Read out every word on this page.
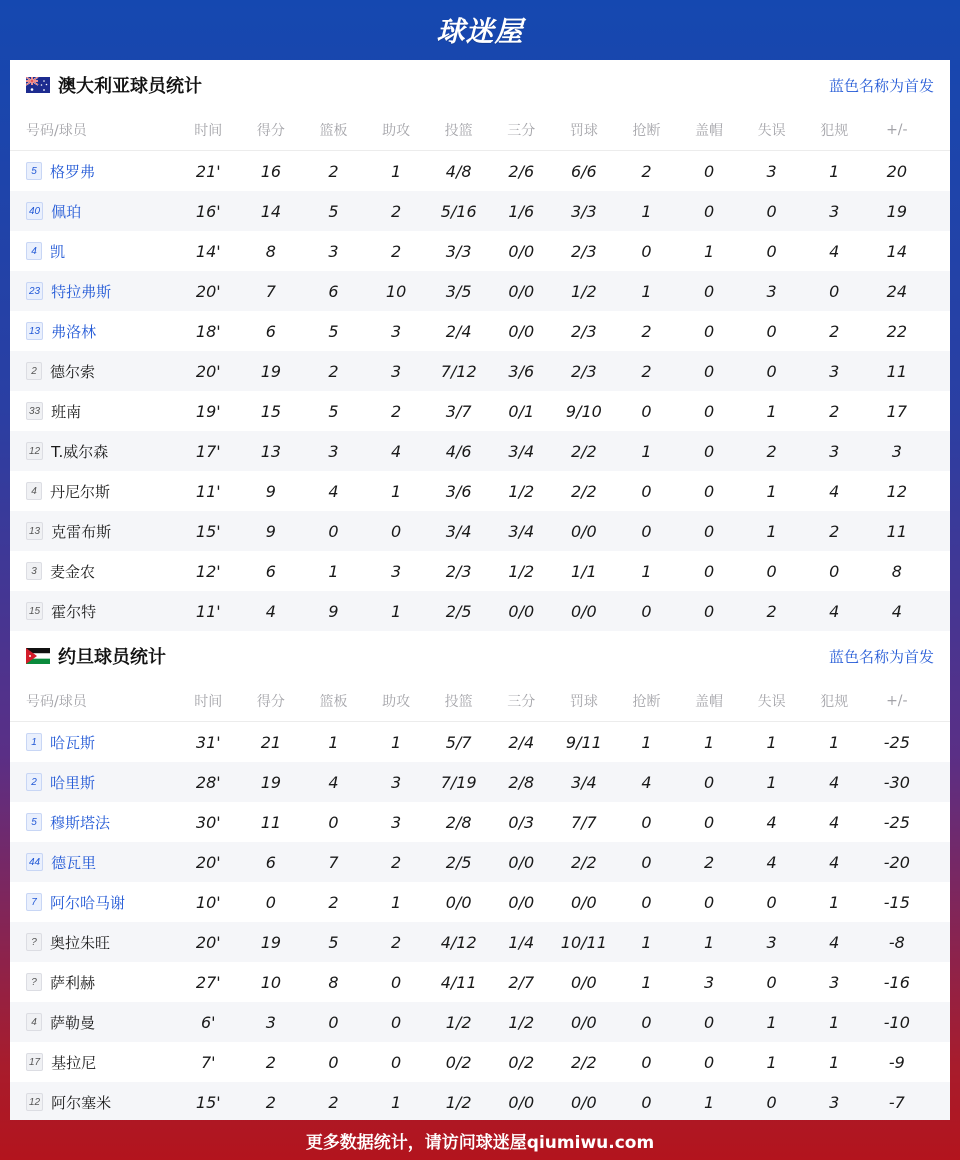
球迷屋
澳大利亚球员统计	蓝色名称为首发
号码/球员	时间	得分	篮板	助攻	投篮	三分	罚球	抢断	盖帽	失误	犯规	+/-
5 格罗弗	21'	16	2	1	4/8	2/6	6/6	2	0	3	1	20
40 佩珀	16'	14	5	2	5/16	1/6	3/3	1	0	0	3	19
4 凯	14'	8	3	2	3/3	0/0	2/3	0	1	0	4	14
23 特拉弗斯	20'	7	6	10	3/5	0/0	1/2	1	0	3	0	24
13 弗洛林	18'	6	5	3	2/4	0/0	2/3	2	0	0	2	22
2 德尔索	20'	19	2	3	7/12	3/6	2/3	2	0	0	3	11
33 班南	19'	15	5	2	3/7	0/1	9/10	0	0	1	2	17
12 T.威尔森	17'	13	3	4	4/6	3/4	2/2	1	0	2	3	3
4 丹尼尔斯	11'	9	4	1	3/6	1/2	2/2	0	0	1	4	12
13 克雷布斯	15'	9	0	0	3/4	3/4	0/0	0	0	1	2	11
3 麦金农	12'	6	1	3	2/3	1/2	1/1	1	0	0	0	8
15 霍尔特	11'	4	9	1	2/5	0/0	0/0	0	0	2	4	4
约旦球员统计	蓝色名称为首发
号码/球员	时间	得分	篮板	助攻	投篮	三分	罚球	抢断	盖帽	失误	犯规	+/-
1 哈瓦斯	31'	21	1	1	5/7	2/4	9/11	1	1	1	1	-25
2 哈里斯	28'	19	4	3	7/19	2/8	3/4	4	0	1	4	-30
5 穆斯塔法	30'	11	0	3	2/8	0/3	7/7	0	0	4	4	-25
44 德瓦里	20'	6	7	2	2/5	0/0	2/2	0	2	4	4	-20
7 阿尔哈马谢	10'	0	2	1	0/0	0/0	0/0	0	0	0	1	-15
? 奥拉朱旺	20'	19	5	2	4/12	1/4	10/11	1	1	3	4	-8
? 萨利赫	27'	10	8	0	4/11	2/7	0/0	1	3	0	3	-16
4 萨勒曼	6'	3	0	0	1/2	1/2	0/0	0	0	1	1	-10
17 基拉尼	7'	2	0	0	0/2	0/2	2/2	0	0	1	1	-9
12 阿尔塞米	15'	2	2	1	1/2	0/0	0/0	0	1	0	3	-7
更多数据统计，请访问球迷屋qiumiwu.com
